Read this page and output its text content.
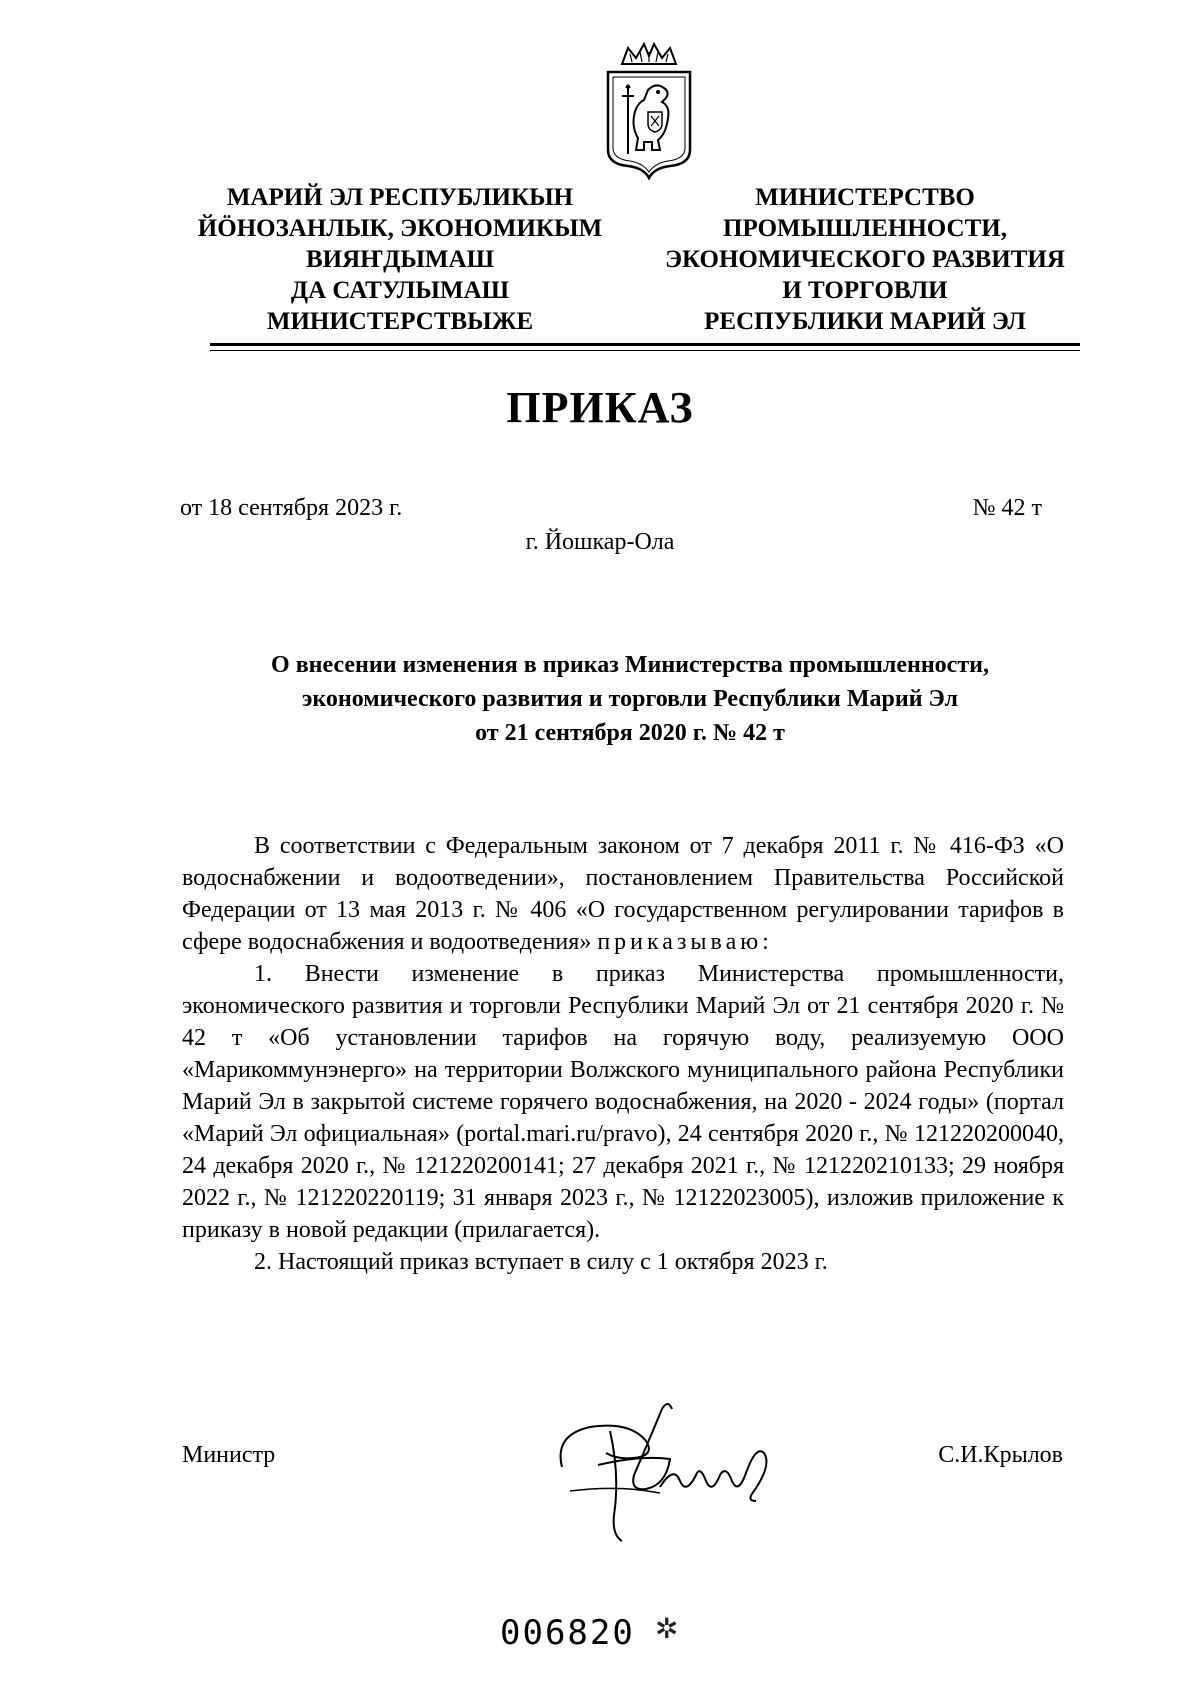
МАРИЙ ЭЛ РЕСПУБЛИКЫН
ЙӦНОЗАНЛЫК, ЭКОНОМИКЫМ
ВИЯҤДЫМАШ
ДА САТУЛЫМАШ
МИНИСТЕРСТВЫЖЕ
МИНИСТЕРСТВО
ПРОМЫШЛЕННОСТИ,
ЭКОНОМИЧЕСКОГО РАЗВИТИЯ
И ТОРГОВЛИ
РЕСПУБЛИКИ МАРИЙ ЭЛ
ПРИКАЗ
от 18 сентября 2023 г.	№ 42 т
г. Йошкар-Ола
О внесении изменения в приказ Министерства промышленности,
экономического развития и торговли Республики Марий Эл
от 21 сентября 2020 г. № 42 т

В соответствии с Федеральным законом от 7 декабря 2011 г. № 416-ФЗ «О водоснабжении и водоотведении», постановлением Правительства Российской Федерации от 13 мая 2013 г. № 406 «О государственном регулировании тарифов в сфере водоснабжения и водоотведения» приказываю:

1. Внести изменение в приказ Министерства промышленности, экономического развития и торговли Республики Марий Эл от 21 сентября 2020 г. № 42 т «Об установлении тарифов на горячую воду, реализуемую ООО «Марикоммунэнерго» на территории Волжского муниципального района Республики Марий Эл в закрытой системе горячего водоснабжения, на 2020 - 2024 годы» (портал «Марий Эл официальная» (portal.mari.ru/pravo), 24 сентября 2020 г., № 121220200040, 24 декабря 2020 г., № 121220200141; 27 декабря 2021 г., № 121220210133; 29 ноября 2022 г., № 121220220119; 31 января 2023 г., № 12122023005), изложив приложение к приказу в новой редакции (прилагается).

2. Настоящий приказ вступает в силу с 1 октября 2023 г.

Министр	С.И.Крылов
006820 ✲
